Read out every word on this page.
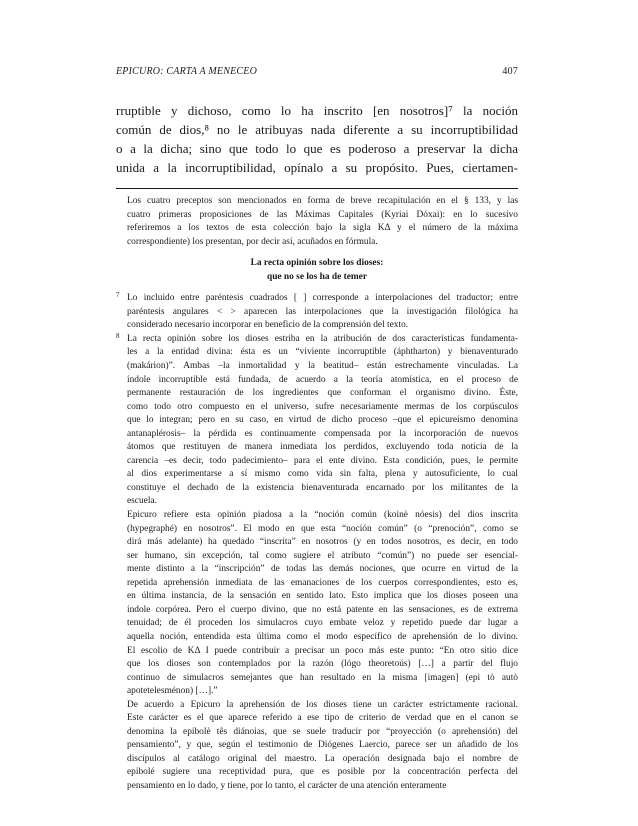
EPICURO: CARTA A MENECEO	407
rruptible y dichoso, como lo ha inscrito [en nosotros]⁷ la noción
común de dios,⁸ no le atribuyas nada diferente a su incorruptibilidad
o a la dicha; sino que todo lo que es poderoso a preservar la dicha
unida a la incorruptibilidad, opínalo a su propósito. Pues, ciertamen-
Los cuatro preceptos son mencionados en forma de breve recapitulación en el § 133, y las
cuatro primeras proposiciones de las Máximas Capitales (Kyriai Dóxai): en lo sucesivo
referiremos a los textos de esta colección bajo la sigla KΔ y el número de la máxima
correspondiente) los presentan, por decir así, acuñados en fórmula.
La recta opinión sobre los dioses:
que no se los ha de temer
7 Lo incluido entre paréntesis cuadrados [ ] corresponde a interpolaciones del traductor; entre
paréntesis angulares < > aparecen las interpolaciones que la investigación filológica ha
considerado necesario incorporar en beneficio de la comprensión del texto.
8 La recta opinión sobre los dioses estriba en la atribución de dos características fundamenta-
les a la entidad divina: ésta es un “viviente incorruptible (áphtharton) y bienaventurado
(makárion)”. Ambas –la inmortalidad y la beatitud– están estrechamente vinculadas. La
índole incorruptible está fundada, de acuerdo a la teoría atomística, en el proceso de
permanente restauración de los ingredientes que conforman el organismo divino. Éste,
como todo otro compuesto en el universo, sufre necesariamente mermas de los corpúsculos
que lo integran; pero en su caso, en virtud de dicho proceso –que el epicureísmo denomina
antanaplérosis– la pérdida es continuamente compensada por la incorporación de nuevos
átomos que restituyen de manera inmediata los perdidos, excluyendo toda noticia de la
carencia –es decir, todo padecimiento– para el ente divino. Esta condición, pues, le permite
al dios experimentarse a sí mismo como vida sin falta, plena y autosuficiente, lo cual
constituye el dechado de la existencia bienaventurada encarnado por los militantes de la
escuela.
Epicuro refiere esta opinión piadosa a la “noción común (koinè nóesis) del dios inscrita
(hypegraphé) en nosotros”. El modo en que esta “noción común” (o “prenoción”, como se
dirá más adelante) ha quedado “inscrita” en nosotros (y en todos nosotros, es decir, en todo
ser humano, sin excepción, tal como sugiere el atributo “común”) no puede ser esencial-
mente distinto a la “inscripción” de todas las demás nociones, que ocurre en virtud de la
repetida aprehensión inmediata de las emanaciones de los cuerpos correspondientes, esto es,
en última instancia, de la sensación en sentido lato. Esto implica que los dioses poseen una
índole corpórea. Pero el cuerpo divino, que no está patente en las sensaciones, es de extrema
tenuidad; de él proceden los simulacros cuyo embate veloz y repetido puede dar lugar a
aquella noción, entendida esta última como el modo específico de aprehensión de lo divino.
El escolio de KΔ I puede contribuir a precisar un poco más este punto: “En otro sitio dice
que los dioses son contemplados por la razón (lógo theoretoús) […] a partir del flujo
continuo de simulacros semejantes que han resultado en la misma [imagen] (epì tò autò
apotetelesménon) […].”
De acuerdo a Epicuro la aprehensión de los dioses tiene un carácter estrictamente racional.
Este carácter es el que aparece referido a ese tipo de criterio de verdad que en el canon se
denomina la epibolè tês diánoias, que se suele traducir por “proyección (o aprehensión) del
pensamiento”, y que, según el testimonio de Diógenes Laercio, parece ser un añadido de los
discípulos al catálogo original del maestro. La operación designada bajo el nombre de
epibolé sugiere una receptividad pura, que es posible por la concentración perfecta del
pensamiento en lo dado, y tiene, por lo tanto, el carácter de una atención enteramente
